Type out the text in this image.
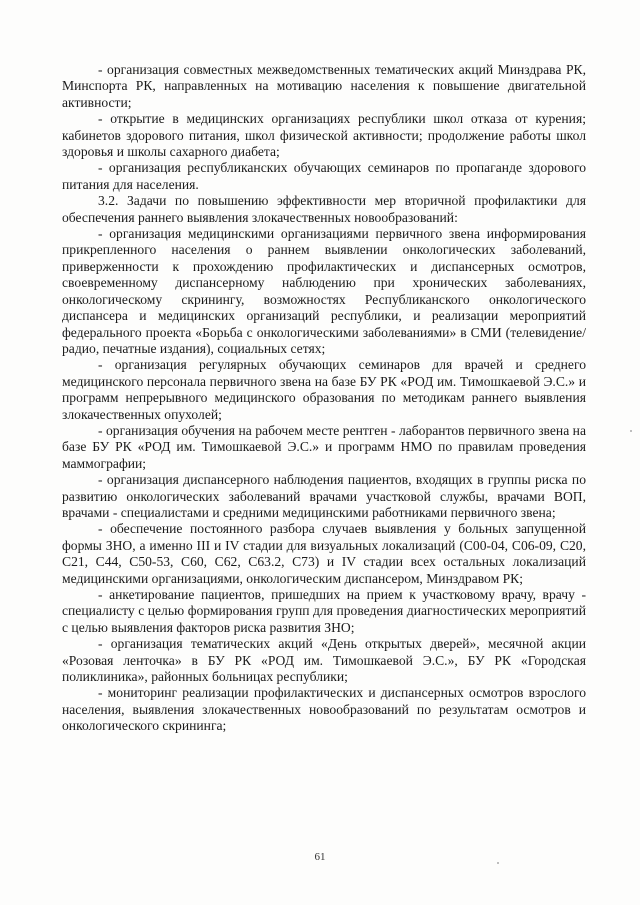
- организация совместных межведомственных тематических акций Минздрава РК, Минспорта РК, направленных на мотивацию населения к повышение двигательной активности;

- открытие в медицинских организациях республики школ отказа от курения; кабинетов здорового питания, школ физической активности; продолжение работы школ здоровья и школы сахарного диабета;

- организация республиканских обучающих семинаров по пропаганде здорового питания для населения.

3.2. Задачи по повышению эффективности мер вторичной профилактики для обеспечения раннего выявления злокачественных новообразований:

- организация медицинскими организациями первичного звена информирования прикрепленного населения о раннем выявлении онкологических заболеваний, приверженности к прохождению профилактических и диспансерных осмотров, своевременному диспансерному наблюдению при хронических заболеваниях, онкологическому скринингу, возможностях Республиканского онкологического диспансера и медицинских организаций республики, и реализации мероприятий федерального проекта «Борьба с онкологическими заболеваниями» в СМИ (телевидение/радио, печатные издания), социальных сетях;

- организация регулярных обучающих семинаров для врачей и среднего медицинского персонала первичного звена на базе БУ РК «РОД им. Тимошкаевой Э.С.» и программ непрерывного медицинского образования по методикам раннего выявления злокачественных опухолей;

- организация обучения на рабочем месте рентген - лаборантов первичного звена на базе БУ РК «РОД им. Тимошкаевой Э.С.» и программ НМО по правилам проведения маммографии;

- организация диспансерного наблюдения пациентов, входящих в группы риска по развитию онкологических заболеваний врачами участковой службы, врачами ВОП, врачами - специалистами и средними медицинскими работниками первичного звена;

- обеспечение постоянного разбора случаев выявления у больных запущенной формы ЗНО, а именно III и IV стадии для визуальных локализаций (С00-04, С06-09, С20, С21, С44, С50-53, С60, С62, С63.2, С73) и IV стадии всех остальных локализаций медицинскими организациями, онкологическим диспансером, Минздравом РК;

- анкетирование пациентов, пришедших на прием к участковому врачу, врачу - специалисту с целью формирования групп для проведения диагностических мероприятий с целью выявления факторов риска развития ЗНО;

- организация тематических акций «День открытых дверей», месячной акции «Розовая ленточка» в БУ РК «РОД им. Тимошкаевой Э.С.», БУ РК «Городская поликлиника», районных больницах республики;

- мониторинг реализации профилактических и диспансерных осмотров взрослого населения, выявления злокачественных новообразований по результатам осмотров и онкологического скрининга;

61
